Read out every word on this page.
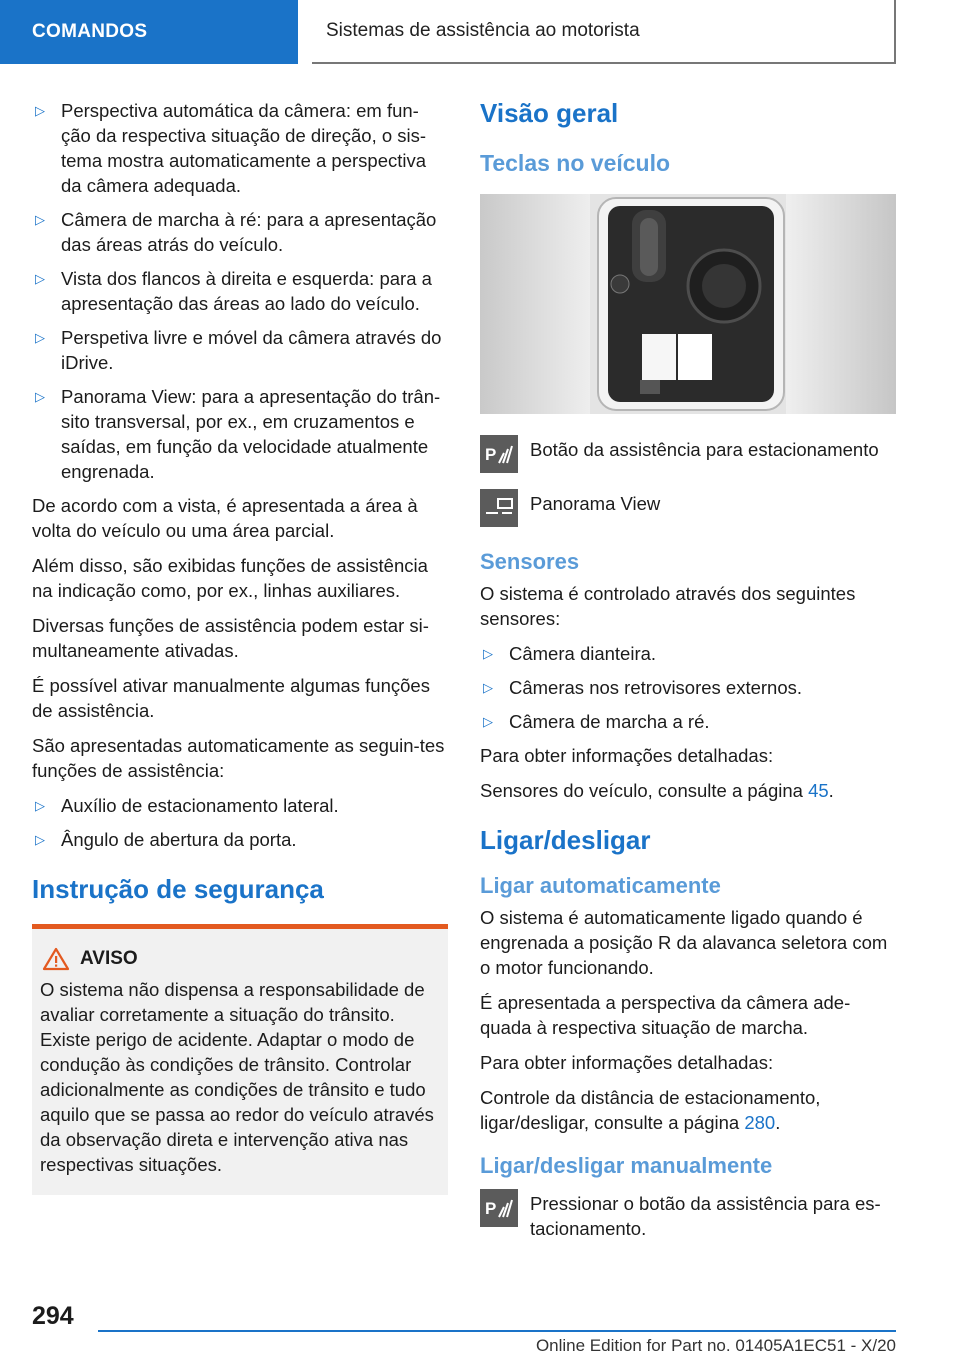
COMANDOS	Sistemas de assistência ao motorista
▷ Perspectiva automática da câmera: em fun‐ção da respectiva situação de direção, o sis‐tema mostra automaticamente a perspectiva da câmera adequada.
▷ Câmera de marcha à ré: para a apresentação das áreas atrás do veículo.
▷ Vista dos flancos à direita e esquerda: para a apresentação das áreas ao lado do veículo.
▷ Perspetiva livre e móvel da câmera através do iDrive.
▷ Panorama View: para a apresentação do trân‐sito transversal, por ex., em cruzamentos e saídas, em função da velocidade atualmente engrenada.

De acordo com a vista, é apresentada a área à volta do veículo ou uma área parcial.

Além disso, são exibidas funções de assistência na indicação como, por ex., linhas auxiliares.

Diversas funções de assistência podem estar si‐multaneamente ativadas.

É possível ativar manualmente algumas funções de assistência.

São apresentadas automaticamente as seguin‐tes funções de assistência:

▷ Auxílio de estacionamento lateral.
▷ Ângulo de abertura da porta.
Instrução de segurança
AVISO

O sistema não dispensa a responsabilidade de avaliar corretamente a situação do trânsito. Existe perigo de acidente. Adaptar o modo de condução às condições de trânsito. Controlar adicionalmente as condições de trânsito e tudo aquilo que se passa ao redor do veículo através da observação direta e intervenção ativa nas respectivas situações.

Visão geral
Teclas no veículo
P Botão da assistência para estacionamento
Panorama View
Sensores

O sistema é controlado através dos seguintes sensores:

▷ Câmera dianteira.
▷ Câmeras nos retrovisores externos.
▷ Câmera de marcha a ré.

Para obter informações detalhadas:

Sensores do veículo, consulte a página 45.

Ligar/desligar
Ligar automaticamente

O sistema é automaticamente ligado quando é engrenada a posição R da alavanca seletora com o motor funcionando.

É apresentada a perspectiva da câmera ade‐quada à respectiva situação de marcha.

Para obter informações detalhadas:

Controle da distância de estacionamento, ligar/desligar, consulte a página 280.

Ligar/desligar manualmente
P Pressionar o botão da assistência para es‐tacionamento.
294
Online Edition for Part no. 01405A1EC51 - X/20
